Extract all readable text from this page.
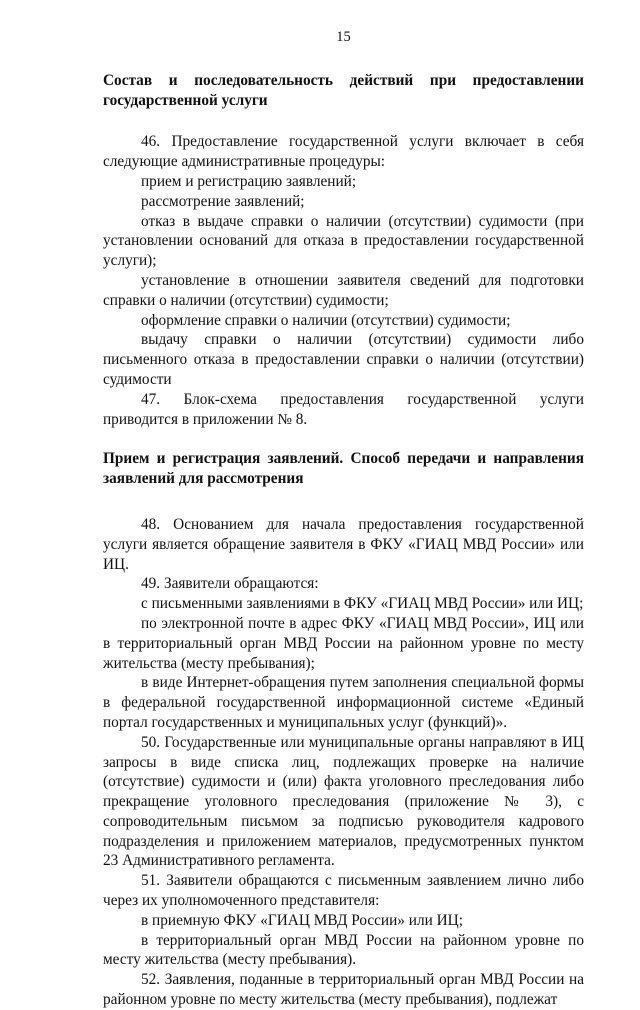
15

Состав и последовательность действий при предоставлении государственной услуги

46. Предоставление государственной услуги включает в себя следующие административные процедуры:

прием и регистрацию заявлений;

рассмотрение заявлений;

отказ в выдаче справки о наличии (отсутствии) судимости (при установлении оснований для отказа в предоставлении государственной услуги);

установление в отношении заявителя сведений для подготовки справки о наличии (отсутствии) судимости;

оформление справки о наличии (отсутствии) судимости;

выдачу справки о наличии (отсутствии) судимости либо письменного отказа в предоставлении справки о наличии (отсутствии) судимости

47. Блок-схема предоставления государственной услуги приводится в приложении № 8.

Прием и регистрация заявлений. Способ передачи и направления заявлений для рассмотрения

48. Основанием для начала предоставления государственной услуги является обращение заявителя в ФКУ «ГИАЦ МВД России» или ИЦ.

49. Заявители обращаются:

с письменными заявлениями в ФКУ «ГИАЦ МВД России» или ИЦ;

по электронной почте в адрес ФКУ «ГИАЦ МВД России», ИЦ или в территориальный орган МВД России на районном уровне по месту жительства (месту пребывания);

в виде Интернет-обращения путем заполнения специальной формы в федеральной государственной информационной системе «Единый портал государственных и муниципальных услуг (функций)».

50. Государственные или муниципальные органы направляют в ИЦ запросы в виде списка лиц, подлежащих проверке на наличие (отсутствие) судимости и (или) факта уголовного преследования либо прекращение уголовного преследования (приложение № 3), с сопроводительным письмом за подписью руководителя кадрового подразделения и приложением материалов, предусмотренных пунктом 23 Административного регламента.

51. Заявители обращаются с письменным заявлением лично либо через их уполномоченного представителя:

в приемную ФКУ «ГИАЦ МВД России» или ИЦ;

в территориальный орган МВД России на районном уровне по месту жительства (месту пребывания).

52. Заявления, поданные в территориальный орган МВД России на районном уровне по месту жительства (месту пребывания), подлежат
